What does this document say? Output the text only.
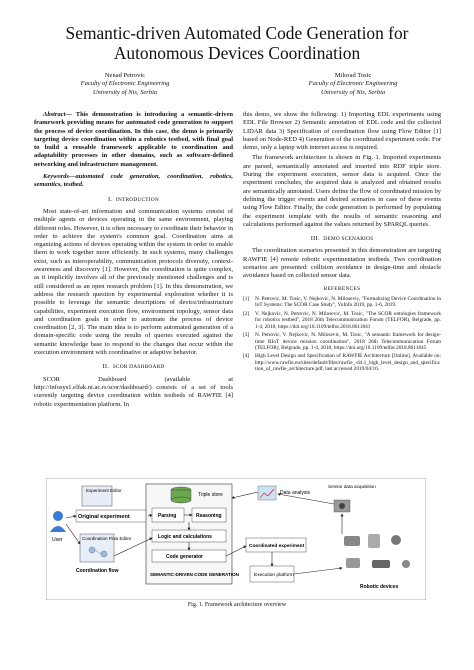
Semantic-driven Automated Code Generation for
Autonomous Devices Coordination
Nenad Petrovic
Faculty of Electronic Engineering
University of Nis, Serbia
Milorad Tosic
Faculty of Electronic Engineering
University of Nis, Serbia

Abstract— This demonstration is introducing a semantic-driven framework providing means for automated code generation to support the process of device coordination. In this case, the demo is primarily targeting device coordination within a robotics testbed, with final goal to build a reusable framework applicable to coordination and adaptability processes in other domains, such as software-defined networking and infrastructure management.

Keywords—automated code generation, coordination, robotics, semantics, testbed.

I. INTRODUCTION

Most state-of-art information and communication systems consist of multiple agents or devices operating in the same environment, playing different roles. However, it is often necessary to coordinate their behavior in order to achieve the system's common goal. Coordination aims at organizing actions of devices operating within the system in order to enable them to work together more efficiently. In such systems, many challenges exist, such as interoperability, communication protocols diversity, context-awareness and discovery [1]. However, the coordination is quite complex, as it implicitly involves all of the previously mentioned challenges and is still considered as an open research problem [1]. In this demonstration, we address the research question by experimental exploration whether it is possible to leverage the semantic descriptions of device/infrastructure capabilities, experiment execution flow, environment topology, sensor data and coordination goals in order to automate the process of device coordination [2, 3]. The main idea is to perform automated generation of a domain-specific code using the results of queries executed against the semantic knowledge base to respond to the changes that occur within the execution environment with coordinative or adaptive behavior.

II. SCOR DASHBOARD

SCOR Dashboard (available at http://infosys1.elfak.ni.ac.rs/scor/dashboard/) consists of a set of tools currently targeting device coordination within testbeds of RAWFIE [4] robotic experimentation platform. In

this demo, we show the following: 1) Importing EDL experiments using EDL File Browser 2) Semantic annotation of EDL code and the collected LIDAR data 3) Specification of coordination flow using Flow Editor [1] based on Node-RED 4) Generation of the coordinated experiment code. For demo, only a laptop with internet access is required.

The framework architecture is shown in Fig. 1. Imported experiments are parsed, semantically annotated and inserted into RDF triple store. During the experiment execution, sensor data is acquired. Once the experiment concludes, the acquired data is analyzed and obtained results are semantically annotated. Users define the flow of coordinated mission by defining the trigger events and desired scenarios in case of these events using Flow Editor. Finally, the code generation is performed by populating the experiment template with the results of semantic reasoning and calculations performed against the values returned by SPARQL queries.

III. DEMO SCENARIOS

The coordination scenarios presented in this demonstration are targeting RAWFIE [4] remote robotic experimentation testbeds. Two coordination scenarios are presented: collision avoidance in design-time and obstacle avoidance based on collected sensor data.

REFERENCES
[1]	N. Petrovic, M. Tosic, V. Nejkovic, N. Milosevic, "Formalizing Device Coordination in IoT Systems: The SCOR Case Study", YuInfo 2019, pp. 1-6, 2019.
[2]	V. Nejkovic, N. Petrovic, N. Milosevic, M. Tosic, "The SCOR ontologies framework for robotics testbed", 2018 26th Telecommunication Forum (TELFOR), Belgrade, pp. 1-4, 2018, https://doi.org/10.1109/telfor.2018.8611841
[3]	N. Petrovic, V. Nejkovic, N. Milosevic, M. Tosic, "A semantic framework for design-time RIoT device mission coordination", 2018 26th Telecommunication Forum (TELFOR), Belgrade, pp. 1-4, 2018, https://doi.org/10.1109/telfor.2018.8611845
[4]	High Level Design and Specification of RAWFIE Architecture [Online]. Available on: http://www.rawfie.eu/sites/default/files/rawfie_-d4.1_high_level_design_and_specification_of_rawfie_architecture.pdf, last accessed 2019/04/16.
User
Experiment Editor
Original experiment
Coordination Flow Editor
Coordination flow
Triple store
Parsing	Reasoning
Logic and calculations
Code generator
SEMANTIC-DRIVEN CODE GENERATION
Data analysis
Sensor data acquisition
Coordinated experiment
Execution platform
Robotic devices
Fig. 1. Framework architecture overview
